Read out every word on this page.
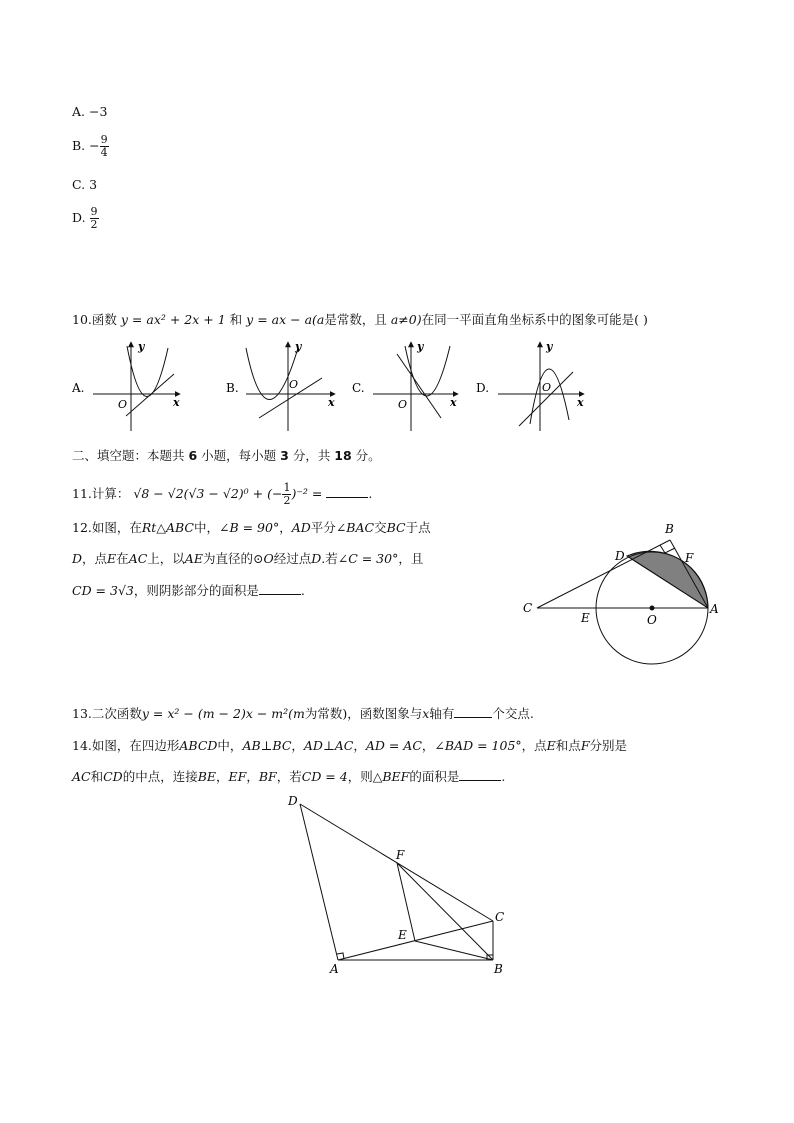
A. −3
B. − $\frac{9}{4}$
C. 3
D. $\frac{9}{2}$
10.函数 y = ax² + 2x + 1 和 y = ax − a(a是常数，且 a≠0)在同一平面直角坐标系中的图象可能是( )
A.
y
x
O
B.
y
x
O	C.
y
x
O
D.
y
x
O
二、填空题：本题共 6 小题，每小题 3 分，共 18 分。
11.计算： √8 − √2(√3 − √2)⁰ + (− $\frac{1}{2} )^{-2}$ =	.
12.如图，在Rt△ABC中，∠B = 90°，AD平分∠BAC交BC于点
D，点E在AC上，以AE为直径的⊙O经过点D.若∠C = 30°，且
CD = 3√3，则阴影部分的面积是	.
B
D	F
C
E	O
A
13.二次函数y = x² − (m − 2)x − m²(m为常数)，函数图象与x轴有	个交点.
14.如图，在四边形ABCD中，AB⊥BC，AD⊥AC，AD = AC，∠BAD = 105°，点E和点F分别是
AC和CD的中点，连接BE，EF，BF，若CD = 4，则△BEF的面积是	.
D
F
C
E
A	B
